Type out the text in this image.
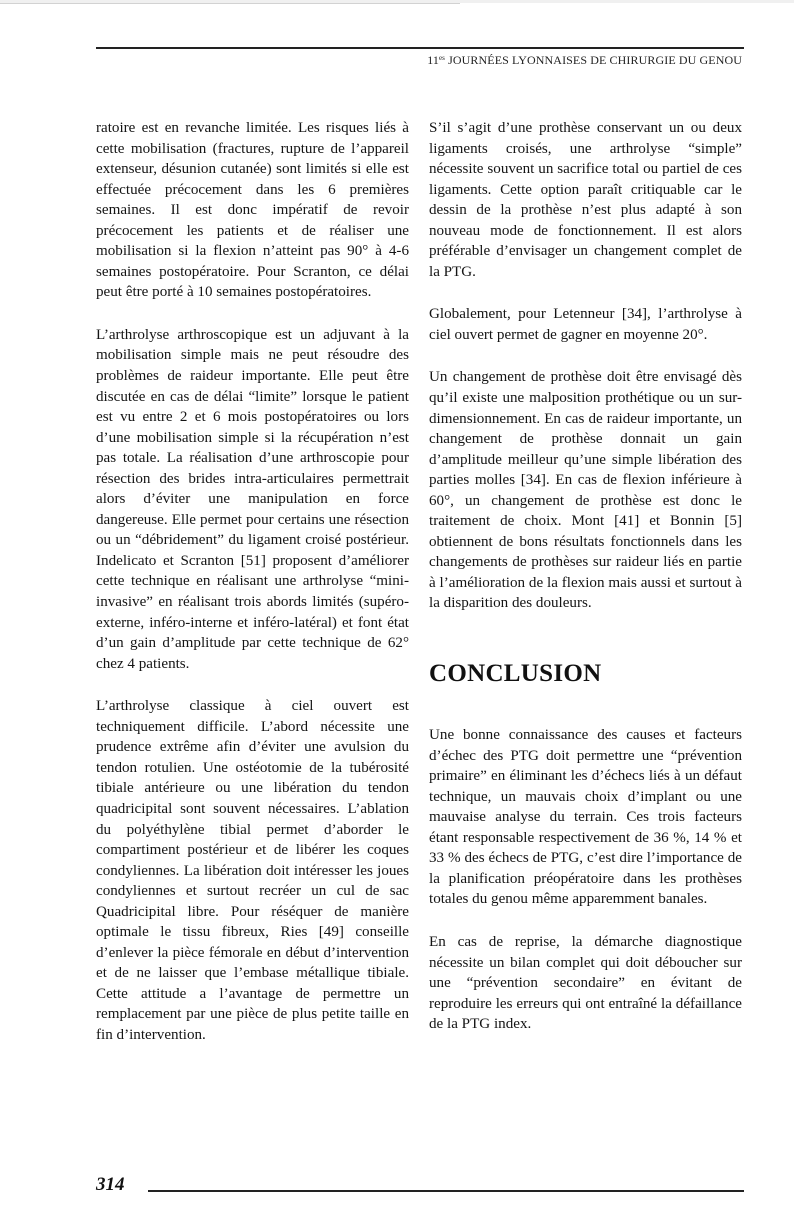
$11^{es}$ JOURNÉES LYONNAISES DE CHIRURGIE DU GENOU

ratoire est en revanche limitée. Les risques liés à cette mobilisation (fractures, rupture de l’appareil extenseur, désunion cutanée) sont limités si elle est effectuée précocement dans les 6 premières semaines. Il est donc impératif de revoir précocement les patients et de réaliser une mobilisation si la flexion n’atteint pas 90° à 4-6 semaines postopératoire. Pour Scranton, ce délai peut être porté à 10 semaines postopératoires.

L’arthrolyse arthroscopique est un adjuvant à la mobilisation simple mais ne peut résoudre des problèmes de raideur importante. Elle peut être discutée en cas de délai “limite” lorsque le patient est vu entre 2 et 6 mois postopératoires ou lors d’une mobilisation simple si la récupération n’est pas totale. La réalisation d’une arthroscopie pour résection des brides intra-articulaires permettrait alors d’éviter une manipulation en force dangereuse. Elle permet pour certains une résection ou un “débridement” du ligament croisé postérieur. Indelicato et Scranton [51] proposent d’améliorer cette technique en réalisant une arthrolyse “mini-invasive” en réalisant trois abords limités (supéro-externe, inféro-interne et inféro-latéral) et font état d’un gain d’amplitude par cette technique de 62° chez 4 patients.

L’arthrolyse classique à ciel ouvert est techniquement difficile. L’abord nécessite une prudence extrême afin d’éviter une avulsion du tendon rotulien. Une ostéotomie de la tubérosité tibiale antérieure ou une libération du tendon quadricipital sont souvent nécessaires. L’ablation du polyéthylène tibial permet d’aborder le compartiment postérieur et de libérer les coques condyliennes. La libération doit intéresser les joues condyliennes et surtout recréer un cul de sac Quadricipital libre. Pour réséquer de manière optimale le tissu fibreux, Ries [49] conseille d’enlever la pièce fémorale en début d’intervention et de ne laisser que l’embase métallique tibiale. Cette attitude a l’avantage de permettre un remplacement par une pièce de plus petite taille en fin d’intervention.

S’il s’agit d’une prothèse conservant un ou deux ligaments croisés, une arthrolyse “simple” nécessite souvent un sacrifice total ou partiel de ces ligaments. Cette option paraît critiquable car le dessin de la prothèse n’est plus adapté à son nouveau mode de fonctionnement. Il est alors préférable d’envisager un changement complet de la PTG.

Globalement, pour Letenneur [34], l’arthrolyse à ciel ouvert permet de gagner en moyenne 20°.

Un changement de prothèse doit être envisagé dès qu’il existe une malposition prothétique ou un sur-dimensionnement. En cas de raideur importante, un changement de prothèse donnait un gain d’amplitude meilleur qu’une simple libération des parties molles [34]. En cas de flexion inférieure à 60°, un changement de prothèse est donc le traitement de choix. Mont [41] et Bonnin [5] obtiennent de bons résultats fonctionnels dans les changements de prothèses sur raideur liés en partie à l’amélioration de la flexion mais aussi et surtout à la disparition des douleurs.

CONCLUSION

Une bonne connaissance des causes et facteurs d’échec des PTG doit permettre une “prévention primaire” en éliminant les d’échecs liés à un défaut technique, un mauvais choix d’implant ou une mauvaise analyse du terrain. Ces trois facteurs étant responsable respectivement de 36 %, 14 % et 33 % des échecs de PTG, c’est dire l’importance de la planification préopératoire dans les prothèses totales du genou même apparemment banales.

En cas de reprise, la démarche diagnostique nécessite un bilan complet qui doit déboucher sur une “prévention secondaire” en évitant de reproduire les erreurs qui ont entraîné la défaillance de la PTG index.

314
